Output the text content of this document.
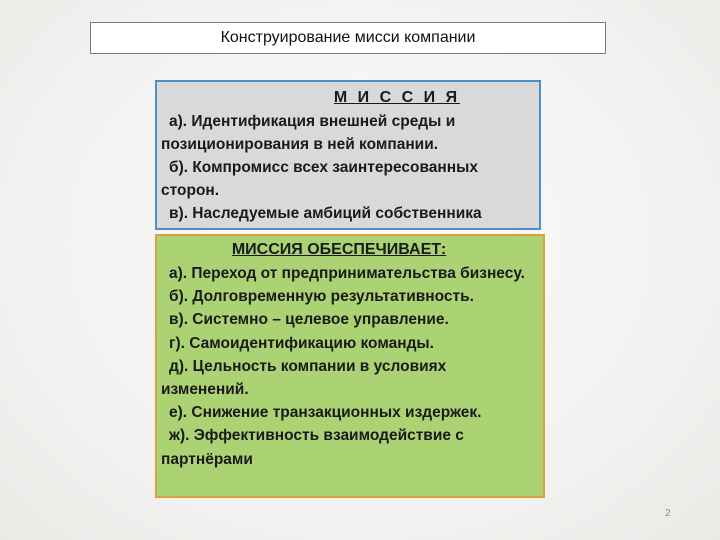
Конструирование мисси компании
М И С С И Я

а). Идентификация внешней среды и позиционирования в ней компании.

б). Компромисс всех заинтересованных сторон.

в). Наследуемые амбиций собственника

МИССИЯ ОБЕСПЕЧИВАЕТ:

а). Переход от предпринимательства бизнесу.

б). Долговременную результативность.

в). Системно – целевое управление.

г). Самоидентификацию команды.

д). Цельность компании в условиях изменений.

е). Снижение транзакционных издержек.

ж). Эффективность взаимодействие с партнёрами

2
